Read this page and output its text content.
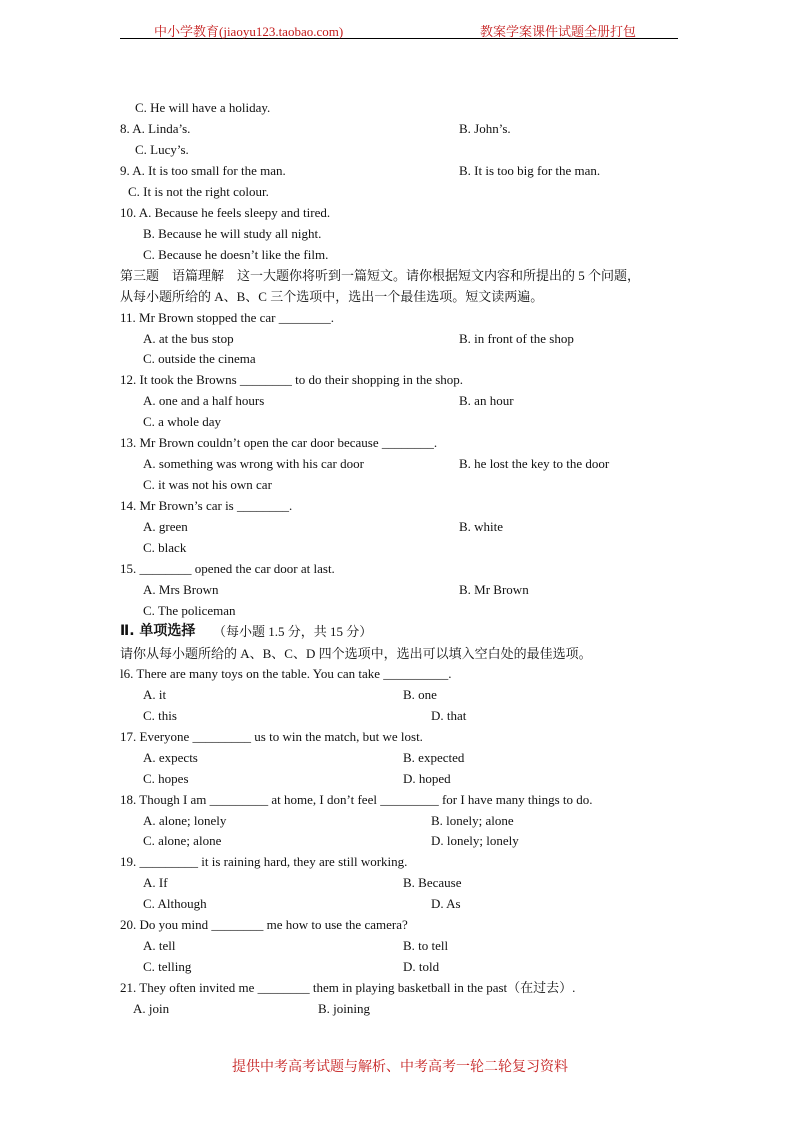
中小学教育(jiaoyu123.taobao.com)	教案学案课件试题全册打包
C. He will have a holiday.
8. A. Linda’s.	B. John’s.
C. Lucy’s.
9. A. It is too small for the man.	B. It is too big for the man.
C. It is not the right colour.
10. A. Because he feels sleepy and tired.
B. Because he will study all night.
C. Because he doesn’t like the film.
第三题　语篇理解　这一大题你将听到一篇短文。请你根据短文内容和所提出的 5 个问题，
从每小题所给的 A、B、C 三个选项中，选出一个最佳选项。短文读两遍。
11. Mr Brown stopped the car ________.
A. at the bus stop	B. in front of the shop
C. outside the cinema
12. It took the Browns ________ to do their shopping in the shop.
A. one and a half hours	B. an hour
C. a whole day
13. Mr Brown couldn’t open the car door because ________.
A. something was wrong with his car door	B. he lost the key to the door
C. it was not his own car
14. Mr Brown’s car is ________.
A. green	B. white
C. black
15. ________ opened the car door at last.
A. Mrs Brown	B. Mr Brown
C. The policeman
Ⅱ. 单项选择 （每小题 1.5 分，共 15 分）
请你从每小题所给的 A、B、C、D 四个选项中，选出可以填入空白处的最佳选项。
l6. There are many toys on the table. You can take __________.
A. it	B. one
C. this	D. that
17. Everyone _________ us to win the match, but we lost.
A. expects	B. expected
C. hopes	D. hoped
18. Though I am _________ at home, I don’t feel _________ for I have many things to do.
A. alone; lonely	B. lonely; alone
C. alone; alone	D. lonely; lonely
19. _________ it is raining hard, they are still working.
A. If	B. Because
C. Although	D. As
20. Do you mind ________ me how to use the camera?
A. tell	B. to tell
C. telling	D. told
21. They often invited me ________ them in playing basketball in the past（在过去）.
A. join	B. joining
提供中考高考试题与解析、中考高考一轮二轮复习资料
